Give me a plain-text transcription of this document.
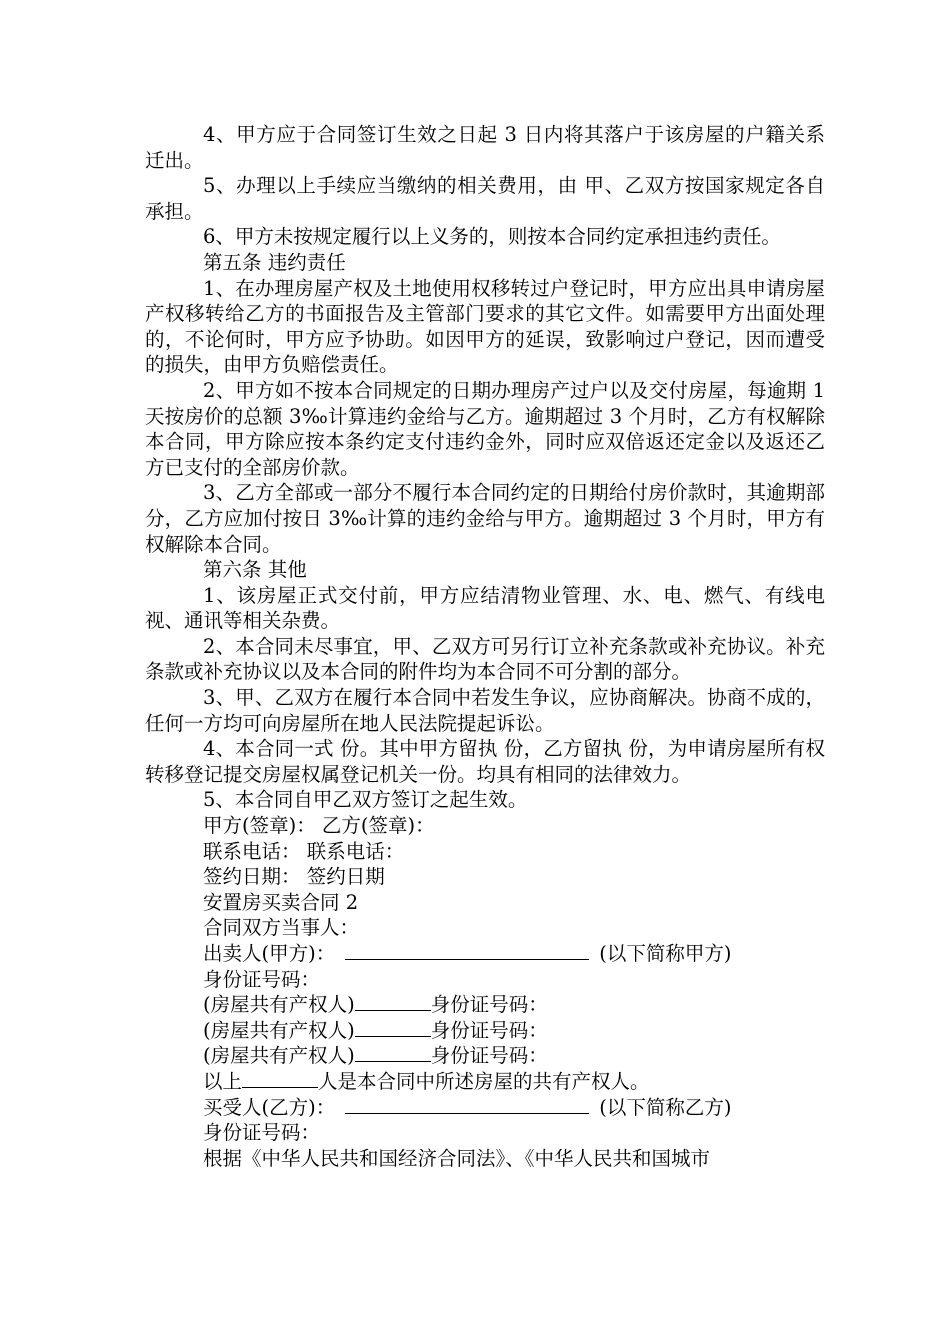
4、甲方应于合同签订生效之日起 3 日内将其落户于该房屋的户籍关系迁出。

5、办理以上手续应当缴纳的相关费用，由 甲、乙双方按国家规定各自承担。

6、甲方未按规定履行以上义务的，则按本合同约定承担违约责任。

第五条 违约责任

1、在办理房屋产权及土地使用权移转过户登记时，甲方应出具申请房屋产权移转给乙方的书面报告及主管部门要求的其它文件。如需要甲方出面处理的，不论何时，甲方应予协助。如因甲方的延误，致影响过户登记，因而遭受的损失，由甲方负赔偿责任。

2、甲方如不按本合同规定的日期办理房产过户以及交付房屋，每逾期 1 天按房价的总额 3‰计算违约金给与乙方。逾期超过 3 个月时，乙方有权解除本合同，甲方除应按本条约定支付违约金外，同时应双倍返还定金以及返还乙方已支付的全部房价款。

3、乙方全部或一部分不履行本合同约定的日期给付房价款时，其逾期部分，乙方应加付按日 3‰计算的违约金给与甲方。逾期超过 3 个月时，甲方有权解除本合同。

第六条 其他

1、该房屋正式交付前，甲方应结清物业管理、水、电、燃气、有线电视、通讯等相关杂费。

2、本合同未尽事宜，甲、乙双方可另行订立补充条款或补充协议。补充条款或补充协议以及本合同的附件均为本合同不可分割的部分。

3、甲、乙双方在履行本合同中若发生争议，应协商解决。协商不成的，任何一方均可向房屋所在地人民法院提起诉讼。

4、本合同一式 份。其中甲方留执 份，乙方留执 份，为申请房屋所有权转移登记提交房屋权属登记机关一份。均具有相同的法律效力。

5、本合同自甲乙双方签订之起生效。

甲方(签章)： 乙方(签章)：

联系电话： 联系电话：

签约日期： 签约日期

安置房买卖合同 2

合同双方当事人：

出卖人(甲方)：	(以下简称甲方)

身份证号码：

(房屋共有产权人)	身份证号码：

(房屋共有产权人)	身份证号码：

(房屋共有产权人)	身份证号码：

以上	人是本合同中所述房屋的共有产权人。

买受人(乙方)：	(以下简称乙方)

身份证号码：

根据《中华人民共和国经济合同法》、《中华人民共和国城市
